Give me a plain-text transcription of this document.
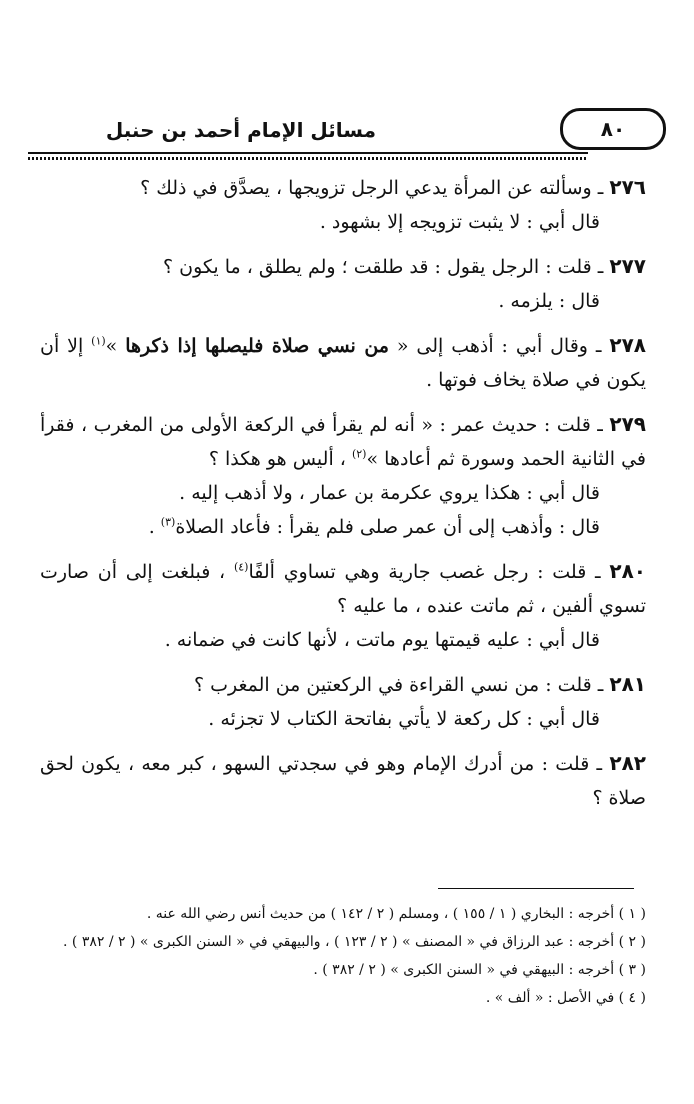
٨٠
مسائل الإمام أحمد بن حنبل

٢٧٦ ـ وسألته عن المرأة يدعي الرجل تزويجها ، يصدَّق في ذلك ؟
قال أبي : لا يثبت تزويجه إلا بشهود .

٢٧٧ ـ قلت : الرجل يقول : قد طلقت ؛ ولم يطلق ، ما يكون ؟
قال : يلزمه .

٢٧٨ ـ وقال أبي : أذهب إلى « من نسي صلاة فليصلها إذا ذكرها »$^{(١)}$ إلا أن يكون في صلاة يخاف فوتها .

٢٧٩ ـ قلت : حديث عمر : « أنه لم يقرأ في الركعة الأولى من المغرب ، فقرأ في الثانية الحمد وسورة ثم أعادها »$^{(٢)}$ ، أليس هو هكذا ؟
قال أبي : هكذا يروي عكرمة بن عمار ، ولا أذهب إليه .
قال : وأذهب إلى أن عمر صلى فلم يقرأ : فأعاد الصلاة$^{(٣)}$ .

٢٨٠ ـ قلت : رجل غصب جارية وهي تساوي ألفًا$^{(٤)}$ ، فبلغت إلى أن صارت تسوي ألفين ، ثم ماتت عنده ، ما عليه ؟
قال أبي : عليه قيمتها يوم ماتت ، لأنها كانت في ضمانه .

٢٨١ ـ قلت : من نسي القراءة في الركعتين من المغرب ؟
قال أبي : كل ركعة لا يأتي بفاتحة الكتاب لا تجزئه .

٢٨٢ ـ قلت : من أدرك الإمام وهو في سجدتي السهو ، كبر معه ، يكون لحق صلاة ؟

( ١ ) أخرجه : البخاري ( ١ / ١٥٥ ) ، ومسلم ( ٢ / ١٤٢ ) من حديث أنس رضي الله عنه .
( ٢ ) أخرجه : عبد الرزاق في « المصنف » ( ٢ / ١٢٣ ) ، والبيهقي في « السنن الكبرى » ( ٢ / ٣٨٢ ) .
( ٣ ) أخرجه : البيهقي في « السنن الكبرى » ( ٢ / ٣٨٢ ) .
( ٤ ) في الأصل : « ألف » .
